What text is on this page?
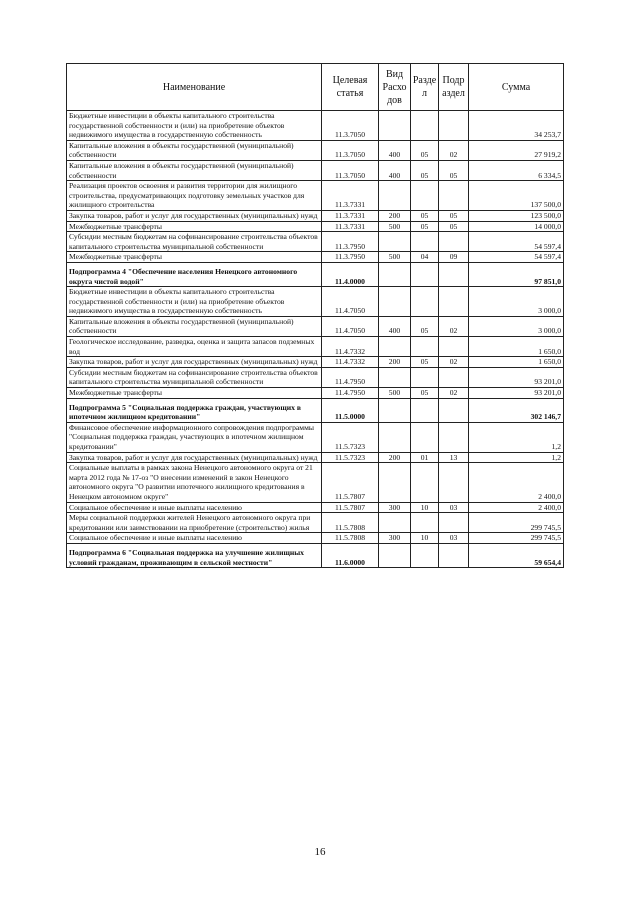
Наименование	Целевая статья	Вид Расхо дов	Разде л	Подр аздел	Сумма
Бюджетные инвестиции в объекты капитального строительства государственной собственности и (или) на приобретение объектов недвижимого имущества в государственную собственность	11.3.7050				34 253,7
Капитальные вложения в объекты государственной (муниципальной) собственности	11.3.7050	400	05	02	27 919,2
Капитальные вложения в объекты государственной (муниципальной) собственности	11.3.7050	400	05	05	6 334,5
Реализация проектов освоения и развития территории для жилищного строительства, предусматривающих подготовку земельных участков для жилищного строительства	11.3.7331				137 500,0
Закупка товаров, работ и услуг для государственных (муниципальных) нужд	11.3.7331	200	05	05	123 500,0
Межбюджетные трансферты	11.3.7331	500	05	05	14 000,0
Субсидии местным бюджетам на софинансирование строительства объектов капитального строительства муниципальной собственности	11.3.7950				54 597,4
Межбюджетные трансферты	11.3.7950	500	04	09	54 597,4
Подпрограмма 4 "Обеспечение населения Ненецкого автономного округа чистой водой"	11.4.0000				97 851,0
Бюджетные инвестиции в объекты капитального строительства государственной собственности и (или) на приобретение объектов недвижимого имущества в государственную собственность	11.4.7050				3 000,0
Капитальные вложения в объекты государственной (муниципальной) собственности	11.4.7050	400	05	02	3 000,0
Геологическое исследование, разведка, оценка и защита запасов подземных вод	11.4.7332				1 650,0
Закупка товаров, работ и услуг для государственных (муниципальных) нужд	11.4.7332	200	05	02	1 650,0
Субсидии местным бюджетам на софинансирование строительства объектов капитального строительства муниципальной собственности	11.4.7950				93 201,0
Межбюджетные трансферты	11.4.7950	500	05	02	93 201,0
Подпрограмма 5 "Социальная поддержка граждан, участвующих в ипотечном жилищном кредитовании"	11.5.0000				302 146,7
Финансовое обеспечение информационного сопровождения подпрограммы "Социальная поддержка граждан, участвующих в ипотечном жилищном кредитовании"	11.5.7323				1,2
Закупка товаров, работ и услуг для государственных (муниципальных) нужд	11.5.7323	200	01	13	1,2
Социальные выплаты в рамках закона Ненецкого автономного округа от 21 марта 2012 года № 17-оз "О внесении изменений в закон Ненецкого автономного округа "О развитии ипотечного жилищного кредитования в Ненецком автономном округе"	11.5.7807				2 400,0
Социальное обеспечение и иные выплаты населению	11.5.7807	300	10	03	2 400,0
Меры социальной поддержки жителей Ненецкого автономного округа при кредитовании или заимствовании на приобретение (строительство) жилья	11.5.7808				299 745,5
Социальное обеспечение и иные выплаты населению	11.5.7808	300	10	03	299 745,5
Подпрограмма 6 "Социальная поддержка на улучшение жилищных условий гражданам, проживающим в сельской местности"	11.6.0000				59 654,4
16
